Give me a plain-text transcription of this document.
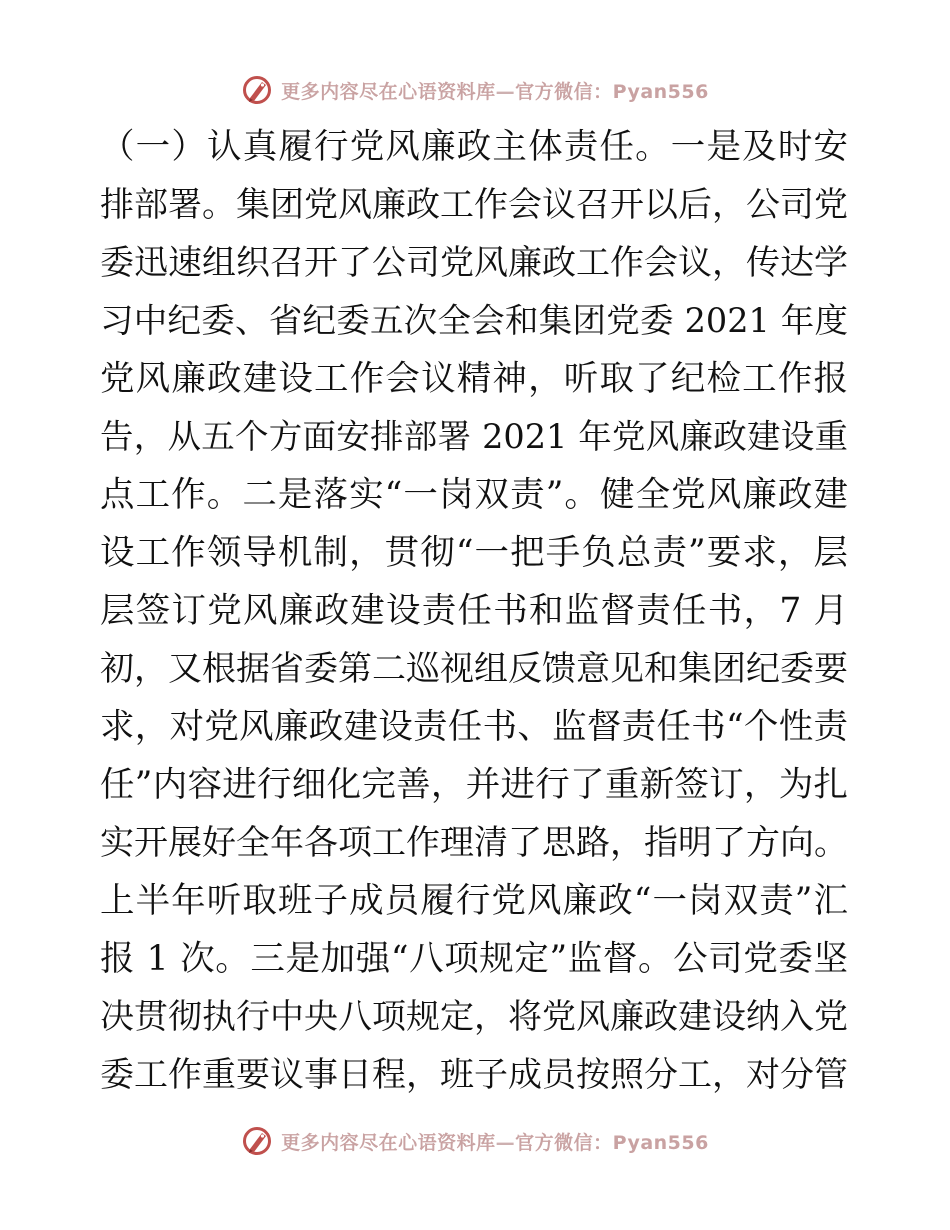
更多内容尽在心语资料库—官方微信：Pyan556
（一）认真履行党风廉政主体责任。一是及时安
排部署。集团党风廉政工作会议召开以后，公司党
委迅速组织召开了公司党风廉政工作会议，传达学
习中纪委、省纪委五次全会和集团党委 2021 年度
党风廉政建设工作会议精神，听取了纪检工作报
告，从五个方面安排部署 2021 年党风廉政建设重
点工作。二是落实“一岗双责”。健全党风廉政建
设工作领导机制，贯彻“一把手负总责”要求，层
层签订党风廉政建设责任书和监督责任书，7 月
初，又根据省委第二巡视组反馈意见和集团纪委要
求，对党风廉政建设责任书、监督责任书“个性责
任”内容进行细化完善，并进行了重新签订，为扎
实开展好全年各项工作理清了思路，指明了方向。
上半年听取班子成员履行党风廉政“一岗双责”汇
报 1 次。三是加强“八项规定”监督。公司党委坚
决贯彻执行中央八项规定，将党风廉政建设纳入党
委工作重要议事日程，班子成员按照分工，对分管
更多内容尽在心语资料库—官方微信：Pyan556
